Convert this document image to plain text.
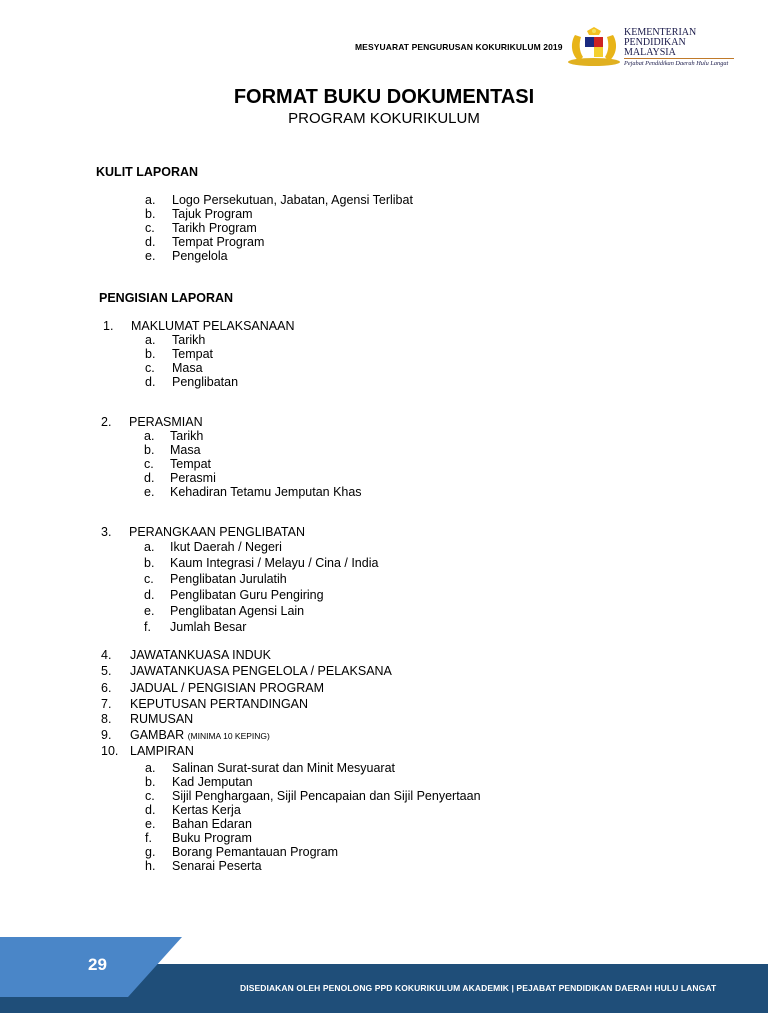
MESYUARAT PENGURUSAN KOKURIKULUM 2019
KEMENTERIAN
PENDIDIKAN
MALAYSIA
Pejabat Pendidikan Daerah Hulu Langat
FORMAT BUKU DOKUMENTASI
PROGRAM KOKURIKULUM
KULIT LAPORAN
a. Logo Persekutuan, Jabatan, Agensi Terlibat
b. Tajuk Program
c. Tarikh Program
d. Tempat Program
e. Pengelola
PENGISIAN LAPORAN
1. MAKLUMAT PELAKSANAAN
a. Tarikh
b. Tempat
c. Masa
d. Penglibatan
2. PERASMIAN
a. Tarikh
b. Masa
c. Tempat
d. Perasmi
e. Kehadiran Tetamu Jemputan Khas
3. PERANGKAAN PENGLIBATAN
a. Ikut Daerah / Negeri
b. Kaum Integrasi / Melayu / Cina / India
c. Penglibatan Jurulatih
d. Penglibatan Guru Pengiring
e. Penglibatan Agensi Lain
f. Jumlah Besar
4. JAWATANKUASA INDUK
5. JAWATANKUASA PENGELOLA / PELAKSANA
6. JADUAL / PENGISIAN PROGRAM
7. KEPUTUSAN PERTANDINGAN
8. RUMUSAN
9. GAMBAR (MINIMA 10 KEPING)
10. LAMPIRAN
a. Salinan Surat-surat dan Minit Mesyuarat
b. Kad Jemputan
c. Sijil Penghargaan, Sijil Pencapaian dan Sijil Penyertaan
d. Kertas Kerja
e. Bahan Edaran
f. Buku Program
g. Borang Pemantauan Program
h. Senarai Peserta
29
DISEDIAKAN OLEH PENOLONG PPD KOKURIKULUM AKADEMIK | PEJABAT PENDIDIKAN DAERAH HULU LANGAT
